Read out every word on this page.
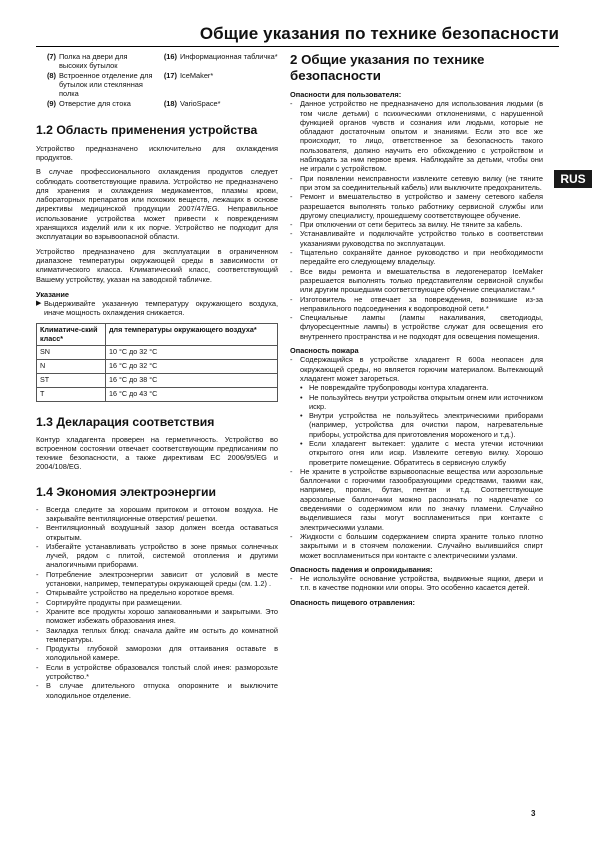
Общие указания по технике безопасности
RUS
(7) Полка на двери для высоких бутылок
(16) Информационная табличка*
(8) Встроенное отделение для бутылок или стеклянная полка
(17) IceMaker*
(9) Отверстие для стока	(18) VarioSpace*
1.2 Область применения устройства

Устройство предназначено исключительно для охлаждения продуктов.

В случае профессионального охлаждения продуктов следует соблюдать соответствующие правила. Устройство не предназначено для хранения и охлаждения медикаментов, плазмы крови, лабораторных препаратов или похожих веществ, лежащих в основе директивы медицинской продукции 2007/47/EG. Неправильное использование устройства может привести к повреждениям хранящихся изделий или к их порче. Устройство не подходит для эксплуатации во взрывоопасной области.

Устройство предназначено для эксплуатации в ограниченном диапазоне температуры окружающей среды в зависимости от климатического класса. Климатический класс, соответствующий Вашему устройству, указан на заводской табличке.

Указание

▶ Выдерживайте указанную температуру окружающего воздуха, иначе мощность охлаждения снижается.
Климатиче-ский класс*	для температуры окружающего воздуха*
SN	10 °C до 32 °C
N	16 °C до 32 °C
ST	16 °C до 38 °C
T	16 °C до 43 °C
1.3 Декларация соответствия

Контур хладагента проверен на герметичность. Устройство во встроенном состоянии отвечает соответствующим предписаниям по технике безопасности, а также директивам EC 2006/95/EG и 2004/108/EG.

1.4 Экономия электроэнергии
- Всегда следите за хорошим притоком и оттоком воздуха. Не закрывайте вентиляционные отверстия/ решетки.
- Вентиляционный воздушный зазор должен всегда оставаться открытым.
- Избегайте устанавливать устройство в зоне прямых солнечных лучей, рядом с плитой, системой отопления и другими аналогичными приборами.
- Потребление электроэнергии зависит от условий в месте установки, например, температуры окружающей среды (см. 1.2) .
- Открывайте устройство на предельно короткое время.
- Сортируйте продукты при размещении.
- Храните все продукты хорошо запакованными и закрытыми. Это поможет избежать образования инея.
- Закладка теплых блюд: сначала дайте им остыть до комнатной температуры.
- Продукты глубокой заморозки для оттаивания оставьте в холодильной камере.
- Если в устройстве образовался толстый слой инея: разморозьте устройство.*
- В случае длительного отпуска опорожните и выключите холодильное отделение.
2 Общие указания по технике безопасности

Опасности для пользователя:

- Данное устройство не предназначено для использования людьми (в том числе детьми) с психическими отклонениями, с нарушенной функцией органов чувств и сознания или людьми, которые не обладают достаточным опытом и знаниями. Если это все же происходит, то лицо, ответственное за безопасность такого пользователя, должно научить его обхождению с устройством и наблюдать за ним первое время. Наблюдайте за детьми, чтобы они не играли с устройством.
- При появлении неисправности извлеките сетевую вилку (не тяните при этом за соединительный кабель) или выключите предохранитель.
- Ремонт и вмешательство в устройство и замену сетевого кабеля разрешается выполнять только работнику сервисной службы или другому специалисту, прошедшему соответствующее обучение.
- При отключении от сети беритесь за вилку. Не тяните за кабель.
- Устанавливайте и подключайте устройство только в соответствии указаниями руководства по эксплуатации.
- Тщательно сохраняйте данное руководство и при необходимости передайте его следующему владельцу.
- Все виды ремонта и вмешательства в ледогенератор IceMaker разрешается выполнять только представителям сервисной службы или другим прошедшим соответствующее обучение специалистам.*
- Изготовитель не отвечает за повреждения, возникшие из-за неправильного подсоединения к водопроводной сети.*
- Специальные лампы (лампы накаливания, светодиоды, флуоресцентные лампы) в устройстве служат для освещения его внутреннего пространства и не подходят для освещения помещения.

Опасность пожара

- Содержащийся в устройстве хладагент R 600a неопасен для окружающей среды, но является горючим материалом. Вытекающий хладагент может загореться.
• Не повреждайте трубопроводы контура хладагента.
• Не пользуйтесь внутри устройства открытым огнем или источником искр.
• Внутри устройства не пользуйтесь электрическими приборами (например, устройства для очистки паром, нагревательные приборы, устройства для приготовления мороженого и т.д.).
• Если хладагент вытекает: удалите с места утечки источники открытого огня или искр. Извлеките сетевую вилку. Хорошо проветрите помещение. Обратитесь в сервисную службу
- Не храните в устройстве взрывоопасные вещества или аэрозольные баллончики с горючими газообразующими средствами, такими как, например, пропан, бутан, пентан и т.д. Соответствующие аэрозольные баллончики можно распознать по надпечатке со сведениями о содержимом или по значку пламени. Случайно выделившиеся газы могут воспламениться при контакте с электрическими узлами.
- Жидкости с большим содержанием спирта храните только плотно закрытыми и в стоячем положении. Случайно вылившийся спирт может воспламениться при контакте с электрическими узлами.

Опасность падения и опрокидывания:

- Не используйте основание устройства, выдвижные ящики, двери и т.п. в качестве подножки или опоры. Это особенно касается детей.

Опасность пищевого отравления:

3
